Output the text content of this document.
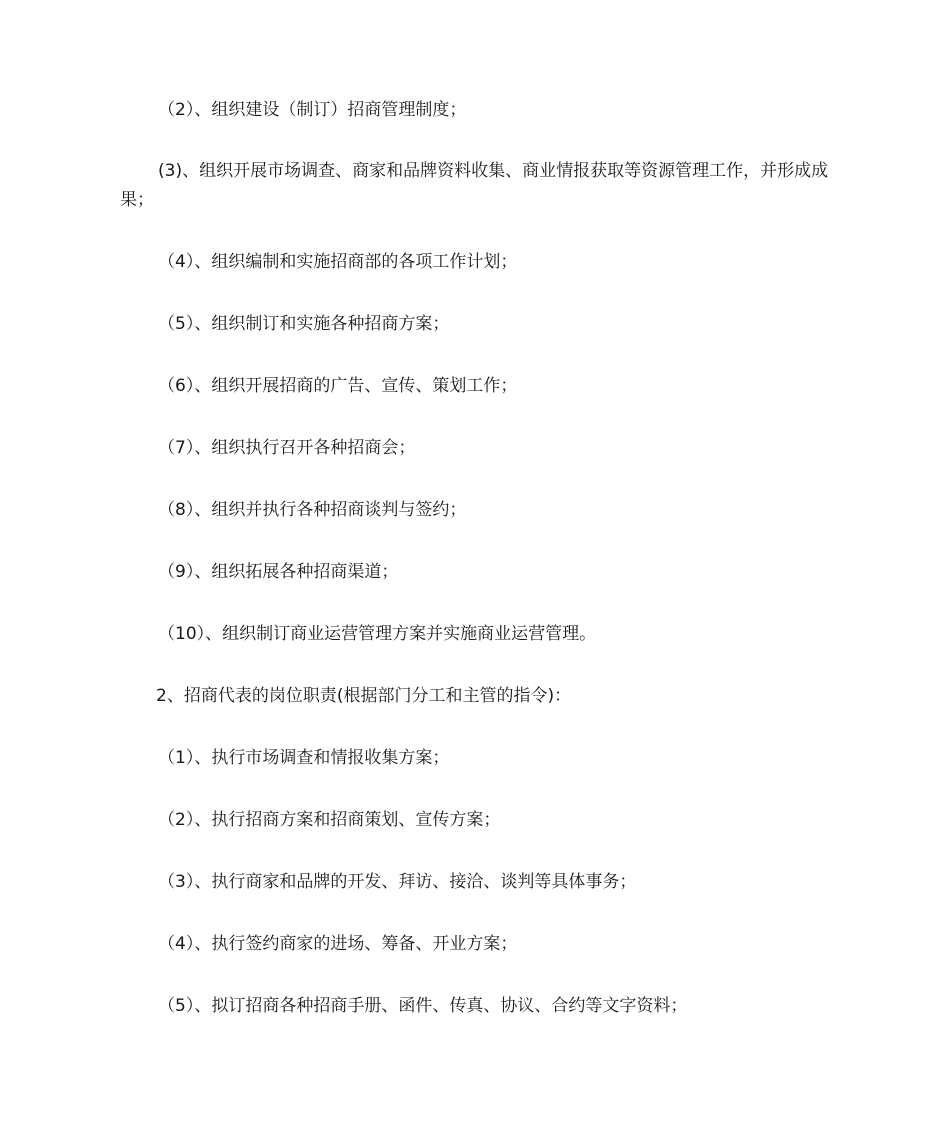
（2）、组织建设（制订）招商管理制度；
(3)、组织开展市场调查、商家和品牌资料收集、商业情报获取等资源管理工作，并形成成果；
（4）、组织编制和实施招商部的各项工作计划；
（5）、组织制订和实施各种招商方案；
（6）、组织开展招商的广告、宣传、策划工作；
（7）、组织执行召开各种招商会；
（8）、组织并执行各种招商谈判与签约；
（9）、组织拓展各种招商渠道；
（10）、组织制订商业运营管理方案并实施商业运营管理。
2、招商代表的岗位职责(根据部门分工和主管的指令)：
（1）、执行市场调查和情报收集方案；
（2）、执行招商方案和招商策划、宣传方案；
（3）、执行商家和品牌的开发、拜访、接洽、谈判等具体事务；
（4）、执行签约商家的进场、筹备、开业方案；
（5）、拟订招商各种招商手册、函件、传真、协议、合约等文字资料；
